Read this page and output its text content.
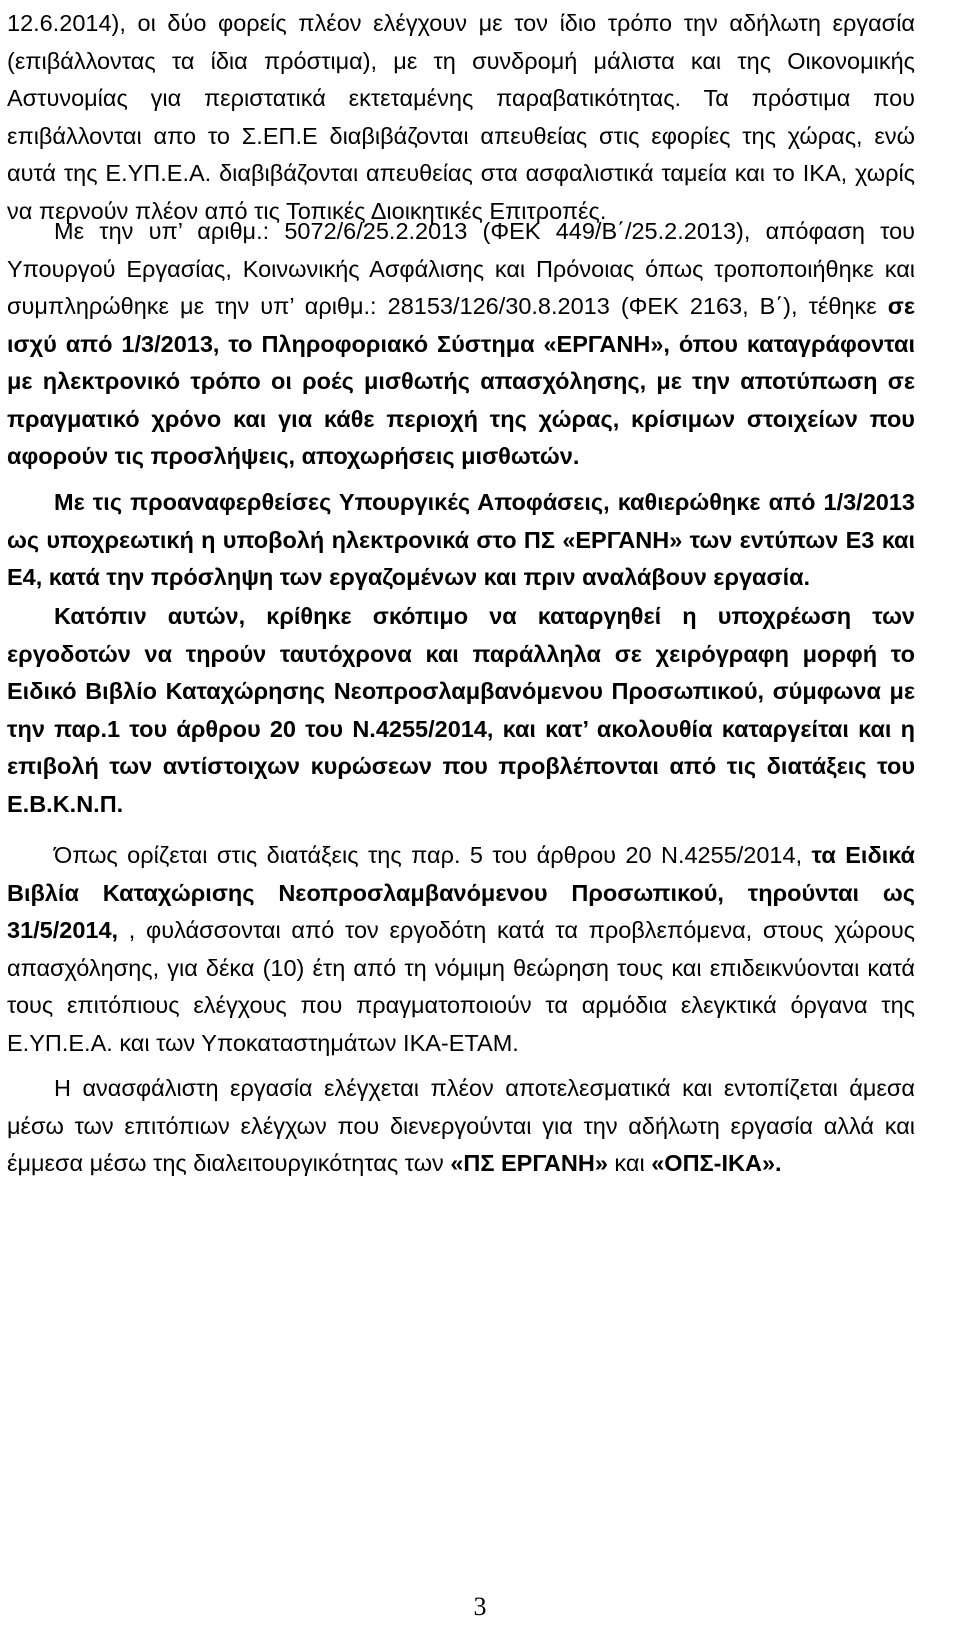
12.6.2014), οι δύο φορείς πλέον ελέγχουν με τον ίδιο τρόπο την αδήλωτη εργασία (επιβάλλοντας τα ίδια πρόστιμα), με τη συνδρομή μάλιστα και της Οικονομικής Αστυνομίας για περιστατικά εκτεταμένης παραβατικότητας. Τα πρόστιμα που επιβάλλονται απο το Σ.ΕΠ.Ε διαβιβάζονται απευθείας στις εφορίες της χώρας, ενώ αυτά της Ε.ΥΠ.Ε.Α. διαβιβάζονται απευθείας στα ασφαλιστικά ταμεία και το ΙΚΑ, χωρίς να περνούν πλέον από τις Τοπικές Διοικητικές Επιτροπές.

Με την υπ’ αριθμ.: 5072/6/25.2.2013 (ΦΕΚ 449/Β΄/25.2.2013), απόφαση του Υπουργού Εργασίας, Κοινωνικής Ασφάλισης και Πρόνοιας όπως τροποποιήθηκε και συμπληρώθηκε με την υπ’ αριθμ.: 28153/126/30.8.2013 (ΦΕΚ 2163, Β΄), τέθηκε σε ισχύ από 1/3/2013, το Πληροφοριακό Σύστημα «ΕΡΓΑΝΗ», όπου καταγράφονται με ηλεκτρονικό τρόπο οι ροές μισθωτής απασχόλησης, με την αποτύπωση σε πραγματικό χρόνο και για κάθε περιοχή της χώρας, κρίσιμων στοιχείων που αφορούν τις προσλήψεις, αποχωρήσεις μισθωτών.

Με τις προαναφερθείσες Υπουργικές Αποφάσεις, καθιερώθηκε από 1/3/2013 ως υποχρεωτική η υποβολή ηλεκτρονικά στο ΠΣ «ΕΡΓΑΝΗ» των εντύπων Ε3 και Ε4, κατά την πρόσληψη των εργαζομένων και πριν αναλάβουν εργασία.

Κατόπιν αυτών, κρίθηκε σκόπιμο να καταργηθεί η υποχρέωση των εργοδοτών να τηρούν ταυτόχρονα και παράλληλα σε χειρόγραφη μορφή το Ειδικό Βιβλίο Καταχώρησης Νεοπροσλαμβανόμενου Προσωπικού, σύμφωνα με την παρ.1 του άρθρου 20 του Ν.4255/2014, και κατ’ ακολουθία καταργείται και η επιβολή των αντίστοιχων κυρώσεων που προβλέπονται από τις διατάξεις του Ε.Β.Κ.Ν.Π.

Όπως ορίζεται στις διατάξεις της παρ. 5 του άρθρου 20 Ν.4255/2014, τα Ειδικά Βιβλία Καταχώρισης Νεοπροσλαμβανόμενου Προσωπικού, τηρούνται ως 31/5/2014, , φυλάσσονται από τον εργοδότη κατά τα προβλεπόμενα, στους χώρους απασχόλησης, για δέκα (10) έτη από τη νόμιμη θεώρηση τους και επιδεικνύονται κατά τους επιτόπιους ελέγχους που πραγματοποιούν τα αρμόδια ελεγκτικά όργανα της Ε.ΥΠ.Ε.Α. και των Υποκαταστημάτων ΙΚΑ-ΕΤΑΜ.

Η ανασφάλιστη εργασία ελέγχεται πλέον αποτελεσματικά και εντοπίζεται άμεσα μέσω των επιτόπιων ελέγχων που διενεργούνται για την αδήλωτη εργασία αλλά και έμμεσα μέσω της διαλειτουργικότητας των «ΠΣ ΕΡΓΑΝΗ» και «ΟΠΣ-ΙΚΑ».

3
